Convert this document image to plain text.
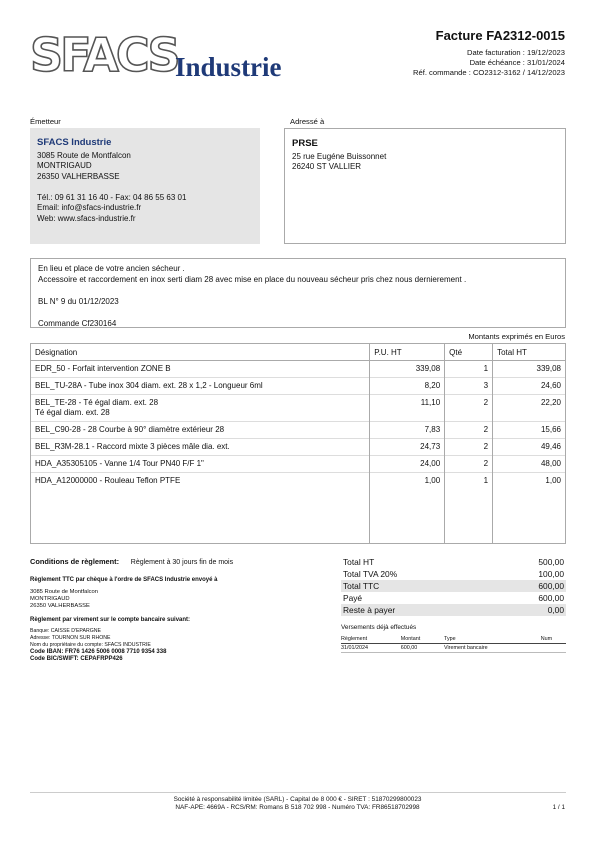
SFACS
Industrie
Facture FA2312-0015
Date facturation : 19/12/2023
Date échéance : 31/01/2024
Réf. commande : CO2312-3162 / 14/12/2023
Émetteur	Adressé à
SFACS Industrie
3085 Route de Montfalcon
MONTRIGAUD
26350 VALHERBASSE
Tél.: 09 61 31 16 40 - Fax: 04 86 55 63 01
Email: info@sfacs-industrie.fr
Web: www.sfacs-industrie.fr
PRSE
25 rue Eugéne Buissonnet
26240 ST VALLIER
En lieu et place de votre ancien sécheur .
Accessoire et raccordement en inox serti diam 28 avec mise en place du nouveau sécheur pris chez nous dernierement .
BL N° 9 du 01/12/2023
Commande Cf230164
Montants exprimés en Euros
Désignation	P.U. HT	Qté	Total HT
EDR_50 - Forfait intervention ZONE B	339,08	1	339,08
BEL_TU-28A - Tube inox 304 diam. ext. 28 x 1,2 - Longueur 6ml	8,20	3	24,60
BEL_TE-28 - Té égal diam. ext. 28
Té égal diam. ext. 28	11,10	2	22,20
BEL_C90-28 - 28 Courbe à 90° diamètre extérieur 28	7,83	2	15,66
BEL_R3M-28.1 - Raccord mixte 3 pièces mâle dia. ext.	24,73	2	49,46
HDA_A35305105 - Vanne 1/4 Tour PN40 F/F 1"	24,00	2	48,00
HDA_A12000000 - Rouleau Teflon PTFE	1,00	1	1,00
Conditions de règlement: Règlement à 30 jours fin de mois
Règlement TTC par chèque à l'ordre de SFACS Industrie envoyé à
3085 Route de Montfalcon
MONTRIGAUD
26350 VALHERBASSE
Règlement par virement sur le compte bancaire suivant:
Banque: CAISSE D'EPARGNE
Adresse: TOURNON SUR RHONE
Nom du propriétaire du compte: SFACS INDUSTRIE
Code IBAN: FR76 1426 5006 0008 7710 9354 338
Code BIC/SWIFT: CEPAFRPP426
Total HT	500,00
Total TVA 20%	100,00
Total TTC	600,00
Payé	600,00
Reste à payer	0,00
Versements déjà effectués
Règlement	Montant	Type	Num
31/01/2024	600,00	Virement bancaire	
Société à responsabilité limitée (SARL) - Capital de 8 000 € - SIRET : 51870299800023
NAF-APE: 4669A - RCS/RM: Romans B 518 702 998 - Numéro TVA: FR86518702998	1 / 1
